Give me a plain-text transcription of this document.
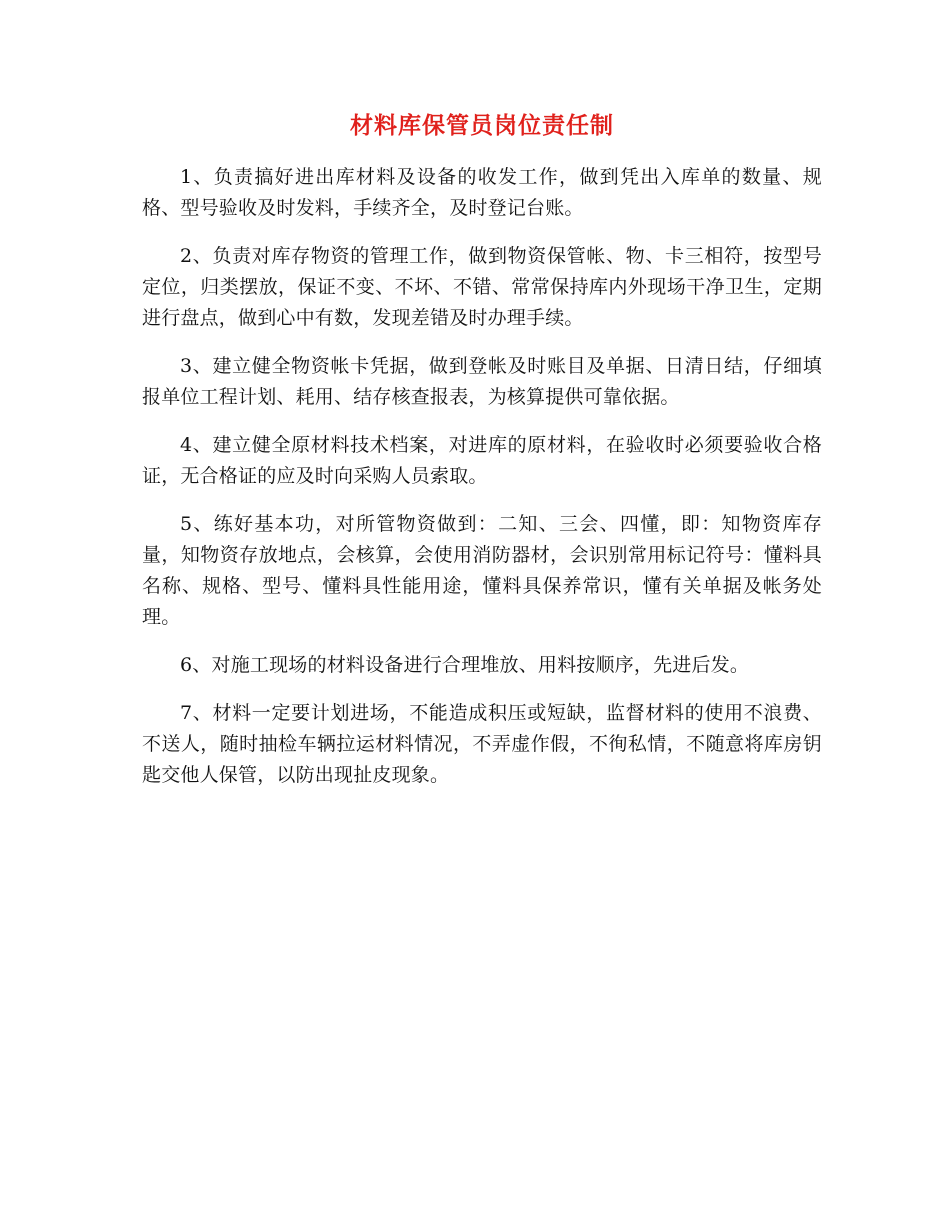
材料库保管员岗位责任制

1、负责搞好进出库材料及设备的收发工作，做到凭出入库单的数量、规格、型号验收及时发料，手续齐全，及时登记台账。

2、负责对库存物资的管理工作，做到物资保管帐、物、卡三相符，按型号定位，归类摆放，保证不变、不坏、不错、常常保持库内外现场干净卫生，定期进行盘点，做到心中有数，发现差错及时办理手续。

3、建立健全物资帐卡凭据，做到登帐及时账目及单据、日清日结，仔细填报单位工程计划、耗用、结存核查报表，为核算提供可靠依据。

4、建立健全原材料技术档案，对进库的原材料，在验收时必须要验收合格证，无合格证的应及时向采购人员索取。

5、练好基本功，对所管物资做到：二知、三会、四懂，即：知物资库存量，知物资存放地点，会核算，会使用消防器材，会识别常用标记符号：懂料具名称、规格、型号、懂料具性能用途，懂料具保养常识，懂有关单据及帐务处理。

6、对施工现场的材料设备进行合理堆放、用料按顺序，先进后发。

7、材料一定要计划进场，不能造成积压或短缺，监督材料的使用不浪费、不送人，随时抽检车辆拉运材料情况，不弄虚作假，不徇私情，不随意将库房钥匙交他人保管，以防出现扯皮现象。
